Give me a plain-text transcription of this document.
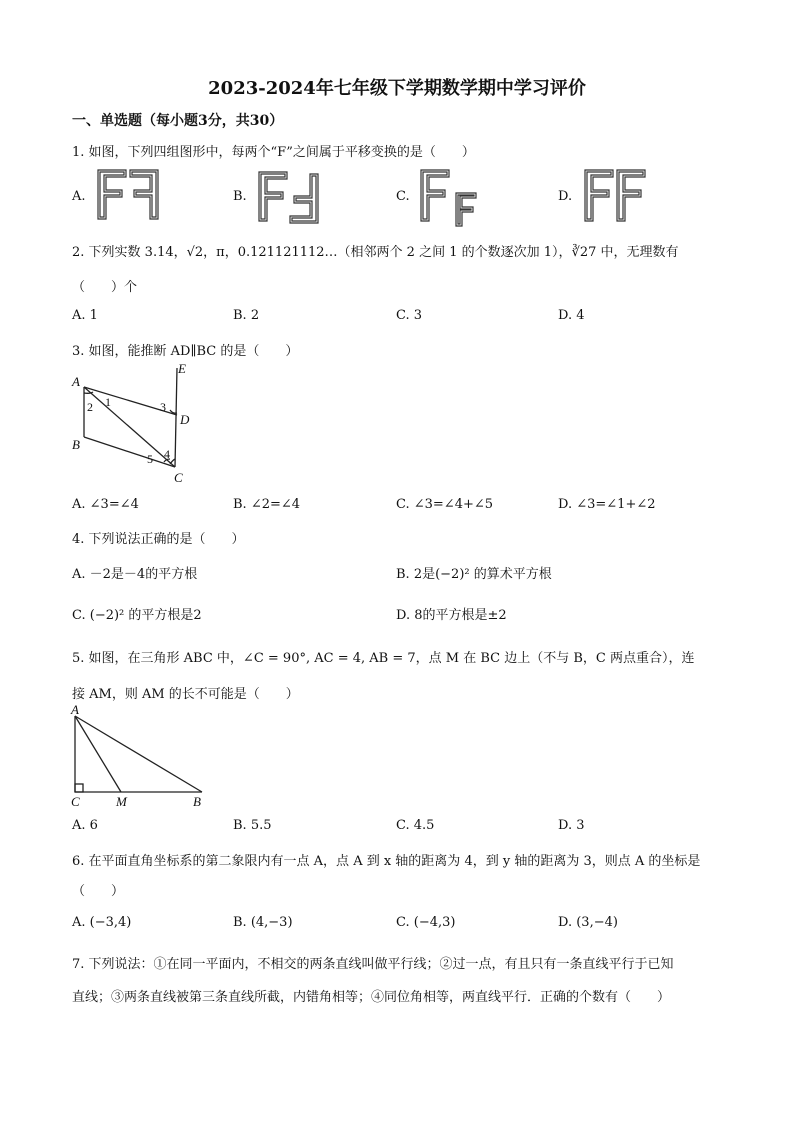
2023-2024年七年级下学期数学期中学习评价
一、单选题（每小题3分，共30）
1. 如图，下列四组图形中，每两个“F”之间属于平移变换的是（　　）
A.	B.	C.	D.
2. 下列实数 3.14，√2，π，0.121121112…（相邻两个 2 之间 1 的个数逐次加 1），∛27 中，无理数有
（　　）个
A. 1	B. 2	C. 3	D. 4
3. 如图，能推断 AD∥BC 的是（　　）
A
B
C
D
E
1
2	3
4
5
A. ∠3=∠4	B. ∠2=∠4	C. ∠3=∠4+∠5	D. ∠3=∠1+∠2
4. 下列说法正确的是（　　）
A. －2是－4的平方根	B. 2是(−2)² 的算术平方根
C. (−2)² 的平方根是2	D. 8的平方根是±2
5. 如图，在三角形 ABC 中，∠C = 90°, AC = 4, AB = 7，点 M 在 BC 边上（不与 B，C 两点重合），连
接 AM，则 AM 的长不可能是（　　）
A
C	M	B
A. 6	B. 5.5	C. 4.5	D. 3
6. 在平面直角坐标系的第二象限内有一点 A，点 A 到 x 轴的距离为 4，到 y 轴的距离为 3，则点 A 的坐标是
（　　）
A. (−3,4)	B. (4,−3)	C. (−4,3)	D. (3,−4)
7. 下列说法：①在同一平面内，不相交的两条直线叫做平行线；②过一点，有且只有一条直线平行于已知
直线；③两条直线被第三条直线所截，内错角相等；④同位角相等，两直线平行．正确的个数有（　　）
